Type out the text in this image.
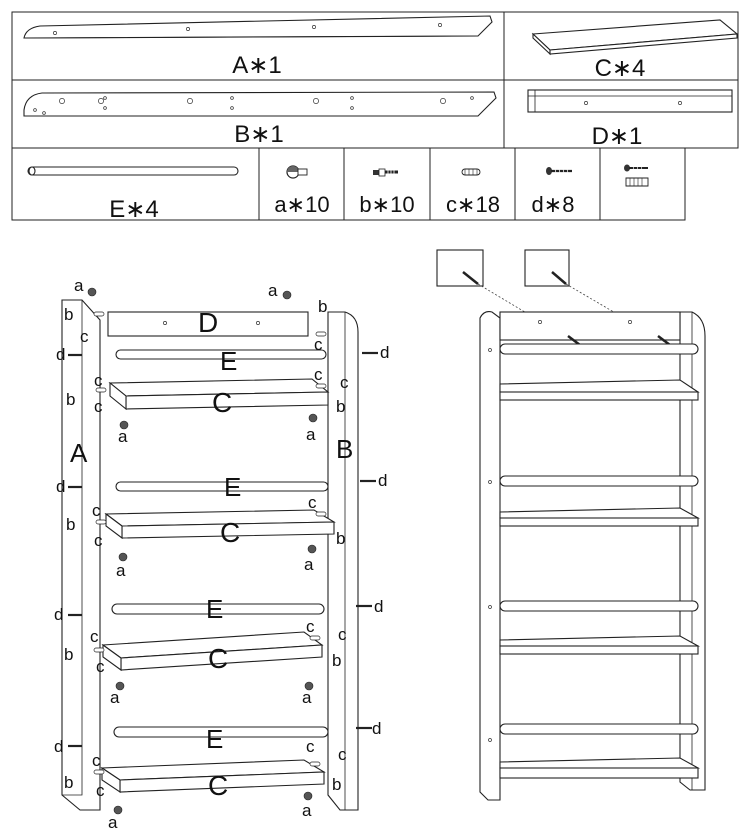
A∗1	C∗4
B∗1	D∗1
E∗4	a∗10 b∗10 c∗18 d∗8
D
E
C
A	B
E
C
E
C
E
C
a	a
b	b
c	c
d	d
c
b c
c c
b
a	a
d	d
c
c
b
c	b
a	a
d	d
c c
c
b
c	b
a	a
d
d
c c
c
b c	b
a
a
